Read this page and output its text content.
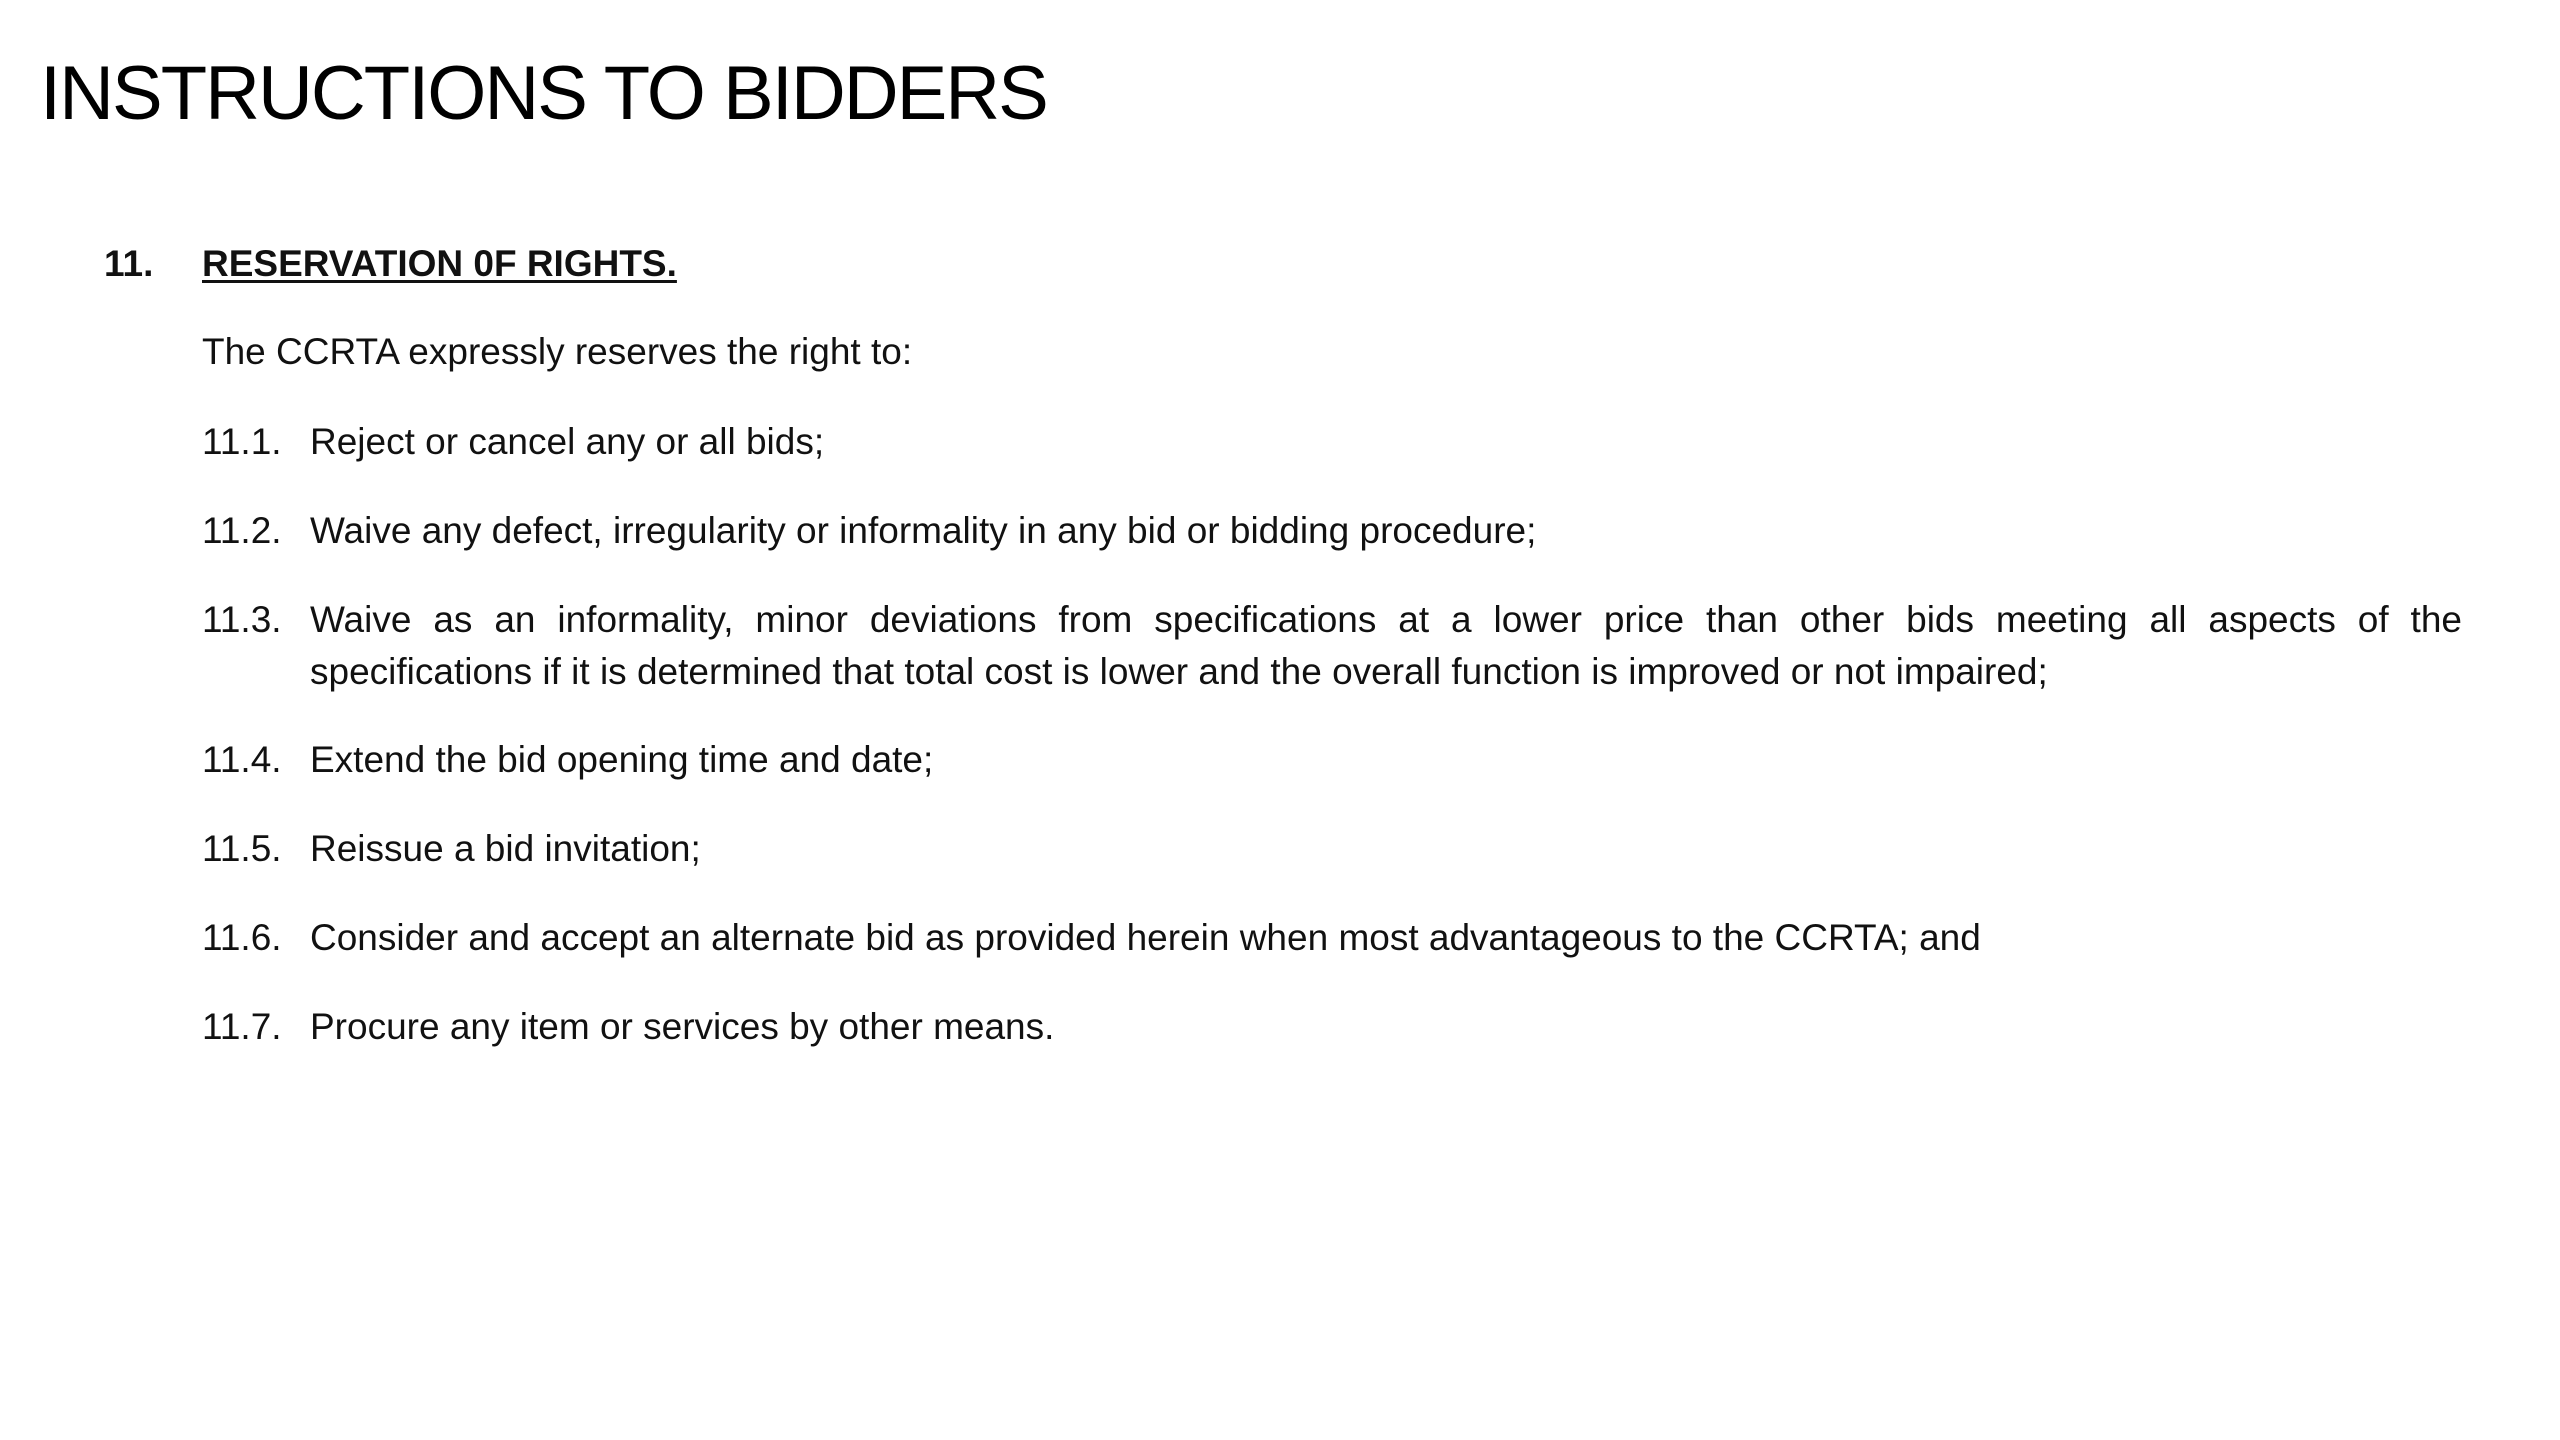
INSTRUCTIONS TO BIDDERS
11. RESERVATION 0F RIGHTS.
The CCRTA expressly reserves the right to:
11.1. Reject or cancel any or all bids;
11.2. Waive any defect, irregularity or informality in any bid or bidding procedure;
11.3. Waive as an informality, minor deviations from specifications at a lower price than other bids meeting all aspects of the specifications if it is determined that total cost is lower and the overall function is improved or not impaired;
11.4. Extend the bid opening time and date;
11.5. Reissue a bid invitation;
11.6. Consider and accept an alternate bid as provided herein when most advantageous to the CCRTA; and
11.7. Procure any item or services by other means.
